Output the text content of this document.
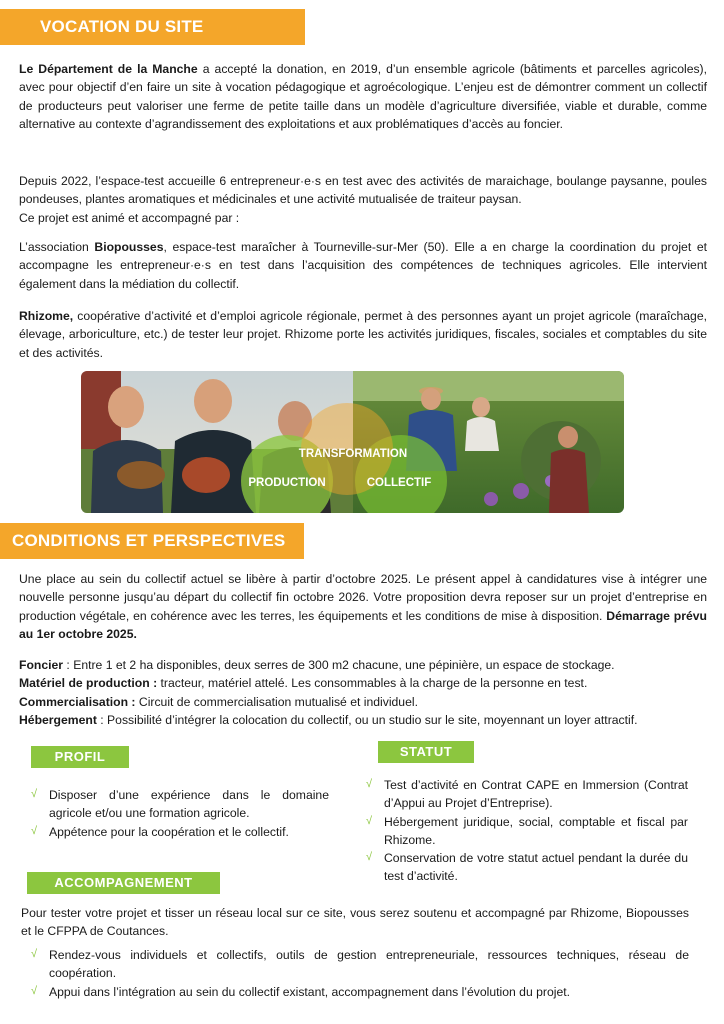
VOCATION DU SITE

Le Département de la Manche a accepté la donation, en 2019, d’un ensemble agricole (bâtiments et parcelles agricoles), avec pour objectif d’en faire un site à vocation pédagogique et agroécologique. L’enjeu est de démontrer comment un collectif de producteurs peut valoriser une ferme de petite taille dans un modèle d’agriculture diversifiée, viable et durable, comme alternative au contexte d’agrandissement des exploitations et aux problématiques d’accès au foncier.

Depuis 2022, l’espace-test accueille 6 entrepreneur·e·s en test avec des activités de maraichage, boulange paysanne, poules pondeuses, plantes aromatiques et médicinales et une activité mutualisée de traiteur paysan.
Ce projet est animé et accompagné par :

L’association Biopousses, espace-test maraîcher à Tourneville-sur-Mer (50). Elle a en charge la coordination du projet et accompagne les entrepreneur·e·s en test dans l’acquisition des compétences de techniques agricoles. Elle intervient également dans la médiation du collectif.

Rhizome, coopérative d’activité et d’emploi agricole régionale, permet à des personnes ayant un projet agricole (maraîchage, élevage, arboriculture, etc.) de tester leur projet. Rhizome porte les activités juridiques, fiscales, sociales et comptables du site et des activités.

TRANSFORMATION
PRODUCTION	COLLECTIF
CONDITIONS ET PERSPECTIVES

Une place au sein du collectif actuel se libère à partir d’octobre 2025. Le présent appel à candidatures vise à intégrer une nouvelle personne jusqu’au départ du collectif fin octobre 2026. Votre proposition devra reposer sur un projet d’entreprise en production végétale, en cohérence avec les terres, les équipements et les conditions de mise à disposition. Démarrage prévu au 1er octobre 2025.

Foncier : Entre 1 et 2 ha disponibles, deux serres de 300 m2 chacune, une pépinière, un espace de stockage.
Matériel de production : tracteur, matériel attelé. Les consommables à la charge de la personne en test.
Commercialisation : Circuit de commercialisation mutualisé et individuel.
Hébergement : Possibilité d’intégrer la colocation du collectif, ou un studio sur le site, moyennant un loyer attractif.

PROFIL
√ Disposer d’une expérience dans le domaine agricole et/ou une formation agricole.
√ Appétence pour la coopération et le collectif.
STATUT
√ Test d’activité en Contrat CAPE en Immersion (Contrat d’Appui au Projet d’Entreprise).
√ Hébergement juridique, social, comptable et fiscal par Rhizome.
√ Conservation de votre statut actuel pendant la durée du test d’activité.
ACCOMPAGNEMENT

Pour tester votre projet et tisser un réseau local sur ce site, vous serez soutenu et accompagné par Rhizome, Biopousses et le CFPPA de Coutances.

√ Rendez-vous individuels et collectifs, outils de gestion entrepreneuriale, ressources techniques, réseau de coopération.
√ Appui dans l’intégration au sein du collectif existant, accompagnement dans l’évolution du projet.
